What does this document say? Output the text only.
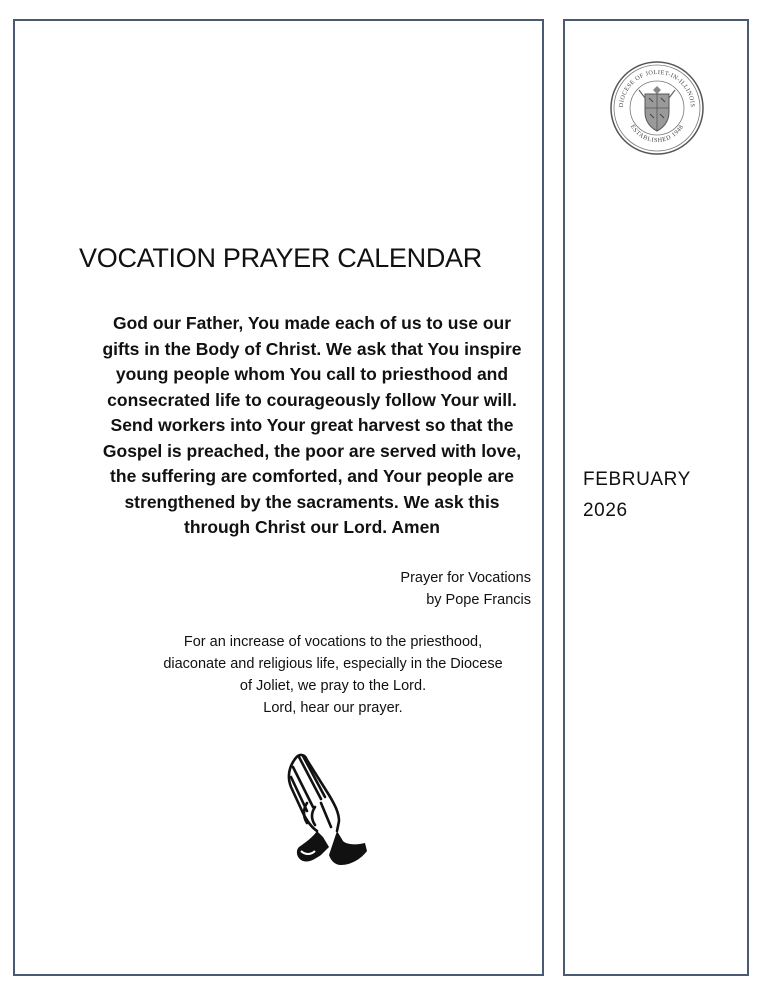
VOCATION PRAYER CALENDAR
God our Father, You made each of us to use our
gifts in the Body of Christ. We ask that You inspire
young people whom You call to priesthood and
consecrated life to courageously follow Your will.
Send workers into Your great harvest so that the
Gospel is preached, the poor are served with love,
the suffering are comforted, and Your people are
strengthened by the sacraments. We ask this
through Christ our Lord. Amen
Prayer for Vocations
by Pope Francis
For an increase of vocations to the priesthood,
diaconate and religious life, especially in the Diocese
of Joliet, we pray to the Lord.
Lord, hear our prayer.
DIOCESE OF JOLIET-IN-ILLINOIS
ESTABLISHED 1948
FEBRUARY
2026
